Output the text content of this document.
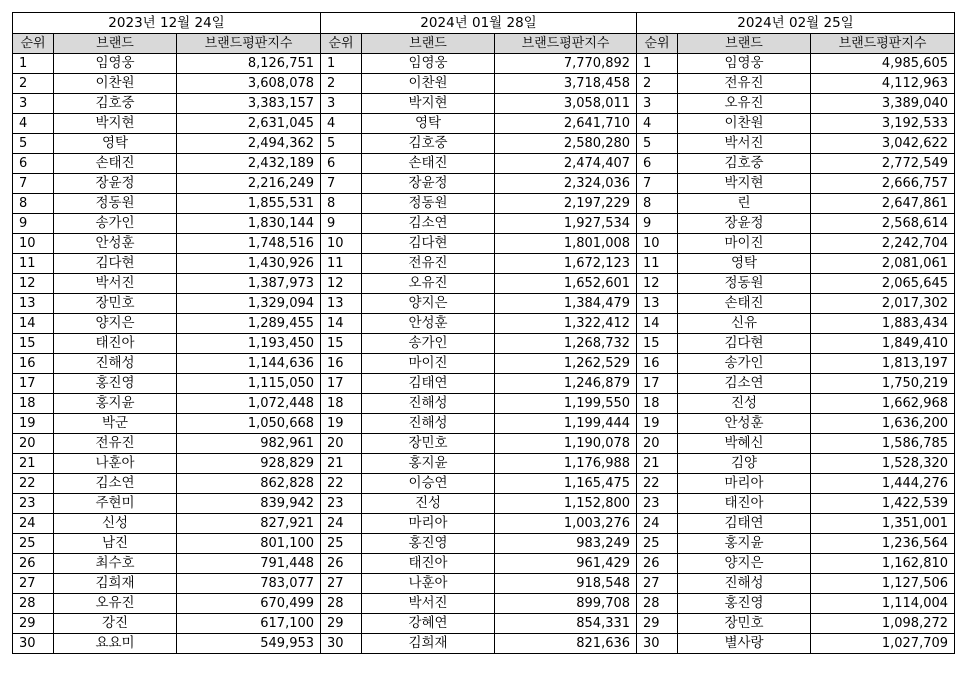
2023년 12월 24일		
순위	브랜드	브랜드평판지수
1	임영웅	8,126,751
2	이찬원	3,608,078
3	김호중	3,383,157
4	박지현	2,631,045
5	영탁	2,494,362
6	손태진	2,432,189
7	장윤정	2,216,249
8	정동원	1,855,531
9	송가인	1,830,144
10	안성훈	1,748,516
11	김다현	1,430,926
12	박서진	1,387,973
13	장민호	1,329,094
14	양지은	1,289,455
15	태진아	1,193,450
16	진해성	1,144,636
17	홍진영	1,115,050
18	홍지윤	1,072,448
19	박군	1,050,668
20	전유진	982,961
21	나훈아	928,829
22	김소연	862,828
23	주현미	839,942
24	신성	827,921
25	남진	801,100
26	최수호	791,448
27	김희재	783,077
28	오유진	670,499
29	강진	617,100
30	요요미	549,953
2024년 01월 28일		
순위	브랜드	브랜드평판지수
1	임영웅	7,770,892
2	이찬원	3,718,458
3	박지현	3,058,011
4	영탁	2,641,710
5	김호중	2,580,280
6	손태진	2,474,407
7	장윤정	2,324,036
8	정동원	2,197,229
9	김소연	1,927,534
10	김다현	1,801,008
11	전유진	1,672,123
12	오유진	1,652,601
13	양지은	1,384,479
14	안성훈	1,322,412
15	송가인	1,268,732
16	마이진	1,262,529
17	김태연	1,246,879
18	진해성	1,199,550
19	진해성	1,199,444
20	장민호	1,190,078
21	홍지윤	1,176,988
22	이승연	1,165,475
23	진성	1,152,800
24	마리아	1,003,276
25	홍진영	983,249
26	태진아	961,429
27	나훈아	918,548
28	박서진	899,708
29	강혜연	854,331
30	김희재	821,636
2024년 02월 25일		
순위	브랜드	브랜드평판지수
1	임영웅	4,985,605
2	전유진	4,112,963
3	오유진	3,389,040
4	이찬원	3,192,533
5	박서진	3,042,622
6	김호중	2,772,549
7	박지현	2,666,757
8	린	2,647,861
9	장윤정	2,568,614
10	마이진	2,242,704
11	영탁	2,081,061
12	정동원	2,065,645
13	손태진	2,017,302
14	신유	1,883,434
15	김다현	1,849,410
16	송가인	1,813,197
17	김소연	1,750,219
18	진성	1,662,968
19	안성훈	1,636,200
20	박혜신	1,586,785
21	김양	1,528,320
22	마리아	1,444,276
23	태진아	1,422,539
24	김태연	1,351,001
25	홍지윤	1,236,564
26	양지은	1,162,810
27	진해성	1,127,506
28	홍진영	1,114,004
29	장민호	1,098,272
30	별사랑	1,027,709
